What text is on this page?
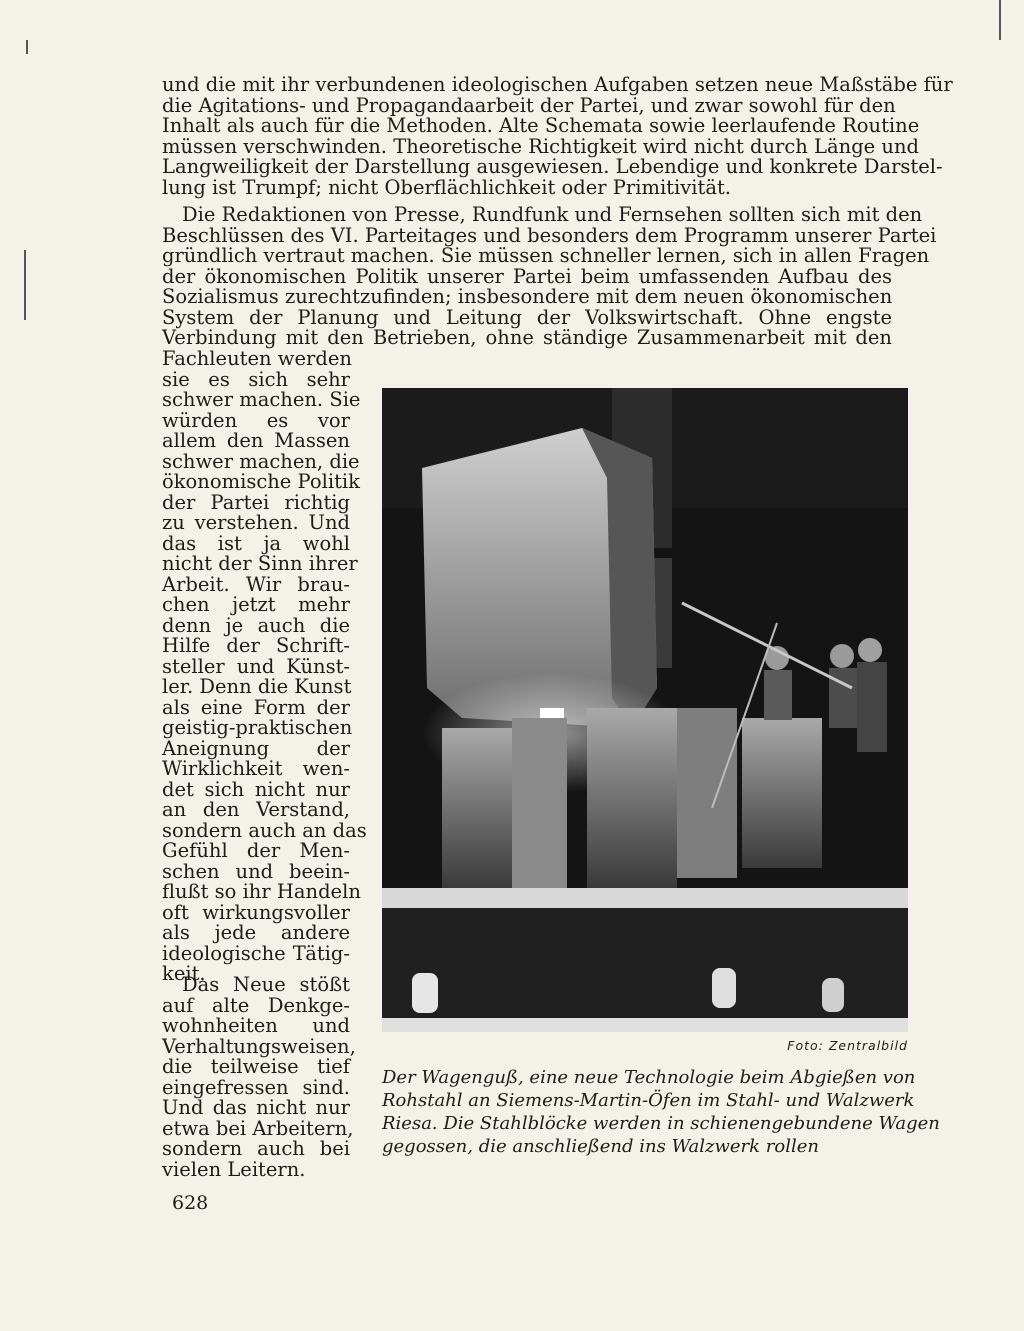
und die mit ihr verbundenen ideologischen Aufgaben setzen neue Maßstäbe für
die Agitations- und Propagandaarbeit der Partei, und zwar sowohl für den
Inhalt als auch für die Methoden. Alte Schemata sowie leerlaufende Routine
müssen verschwinden. Theoretische Richtigkeit wird nicht durch Länge und
Langweiligkeit der Darstellung ausgewiesen. Lebendige und konkrete Darstel-
lung ist Trumpf; nicht Oberflächlichkeit oder Primitivität.
Die Redaktionen von Presse, Rundfunk und Fernsehen sollten sich mit den
Beschlüssen des VI. Parteitages und besonders dem Programm unserer Partei
gründlich vertraut machen. Sie müssen schneller lernen, sich in allen Fragen
der ökonomischen Politik unserer Partei beim umfassenden Aufbau des
Sozialismus zurechtzufinden; insbesondere mit dem neuen ökonomischen
System der Planung und Leitung der Volkswirtschaft. Ohne engste
Verbindung mit den Betrieben, ohne ständige Zusammenarbeit mit den
Fachleuten werden
sie es sich sehr
schwer machen. Sie
würden es vor
allem den Massen
schwer machen, die
ökonomische Politik
der Partei richtig
zu verstehen. Und
das ist ja wohl
nicht der Sinn ihrer
Arbeit. Wir brau-
chen jetzt mehr
denn je auch die
Hilfe der Schrift-
steller und Künst-
ler. Denn die Kunst
als eine Form der
geistig-praktischen
Aneignung der
Wirklichkeit wen-
det sich nicht nur
an den Verstand,
sondern auch an das
Gefühl der Men-
schen und beein-
flußt so ihr Handeln
oft wirkungsvoller
als jede andere
ideologische Tätig-
keit.
Das Neue stößt
auf alte Denkge-
wohnheiten und
Verhaltungsweisen,
die teilweise tief
eingefressen sind.
Und das nicht nur
etwa bei Arbeitern,
sondern auch bei
vielen Leitern.
Foto: Zentralbild
Der Wagenguß, eine neue Technologie beim Abgießen von
Rohstahl an Siemens-Martin-Öfen im Stahl- und Walzwerk
Riesa. Die Stahlblöcke werden in schienengebundene Wagen
gegossen, die anschließend ins Walzwerk rollen
628
